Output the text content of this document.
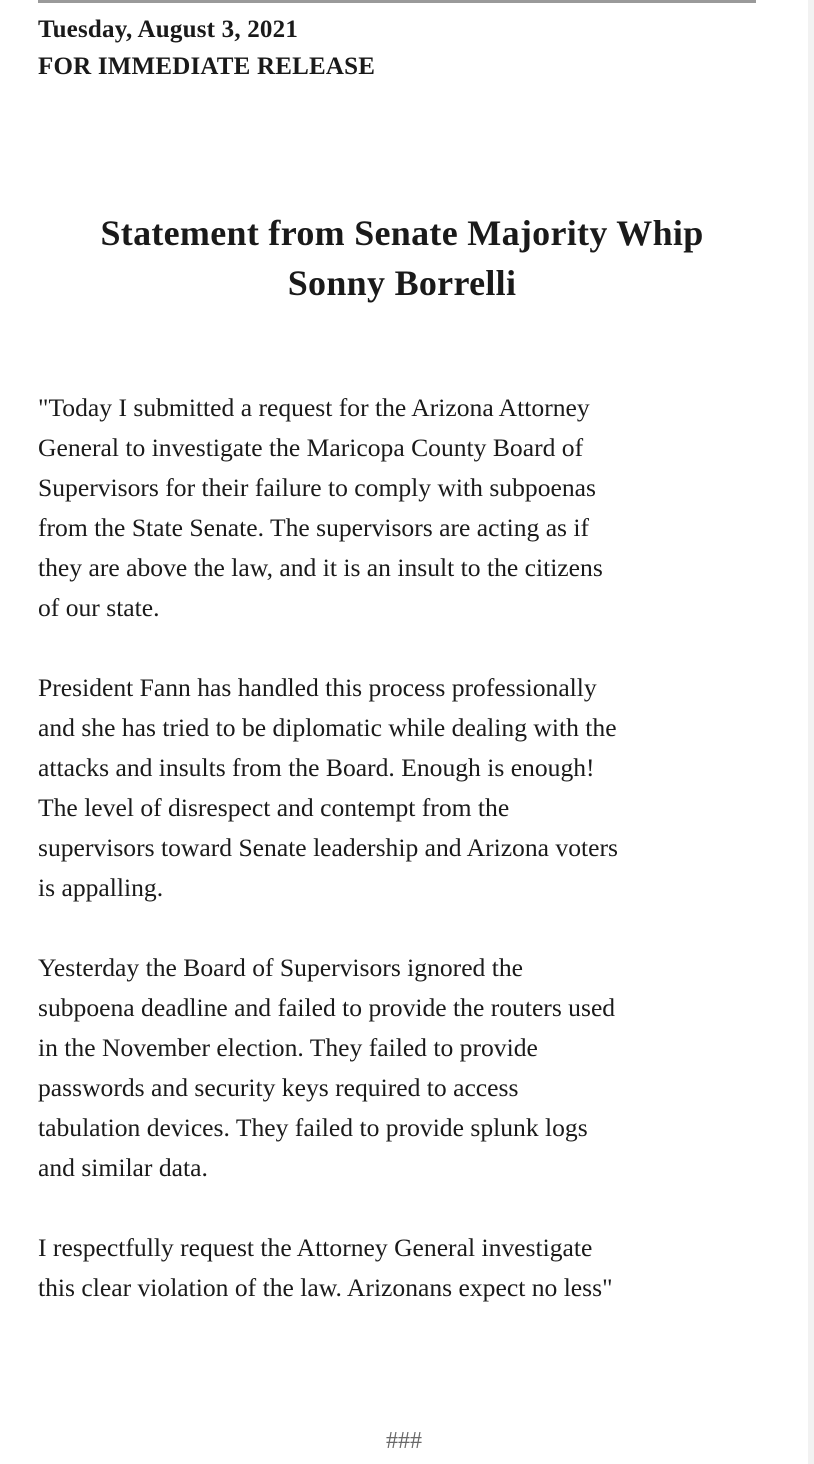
Tuesday, August 3, 2021
FOR IMMEDIATE RELEASE
Statement from Senate Majority Whip
Sonny Borrelli

"Today I submitted a request for the Arizona Attorney
General to investigate the Maricopa County Board of
Supervisors for their failure to comply with subpoenas
from the State Senate. The supervisors are acting as if
they are above the law, and it is an insult to the citizens
of our state.

President Fann has handled this process professionally
and she has tried to be diplomatic while dealing with the
attacks and insults from the Board. Enough is enough!
The level of disrespect and contempt from the
supervisors toward Senate leadership and Arizona voters
is appalling.

Yesterday the Board of Supervisors ignored the
subpoena deadline and failed to provide the routers used
in the November election. They failed to provide
passwords and security keys required to access
tabulation devices. They failed to provide splunk logs
and similar data.

I respectfully request the Attorney General investigate
this clear violation of the law. Arizonans expect no less"

###
